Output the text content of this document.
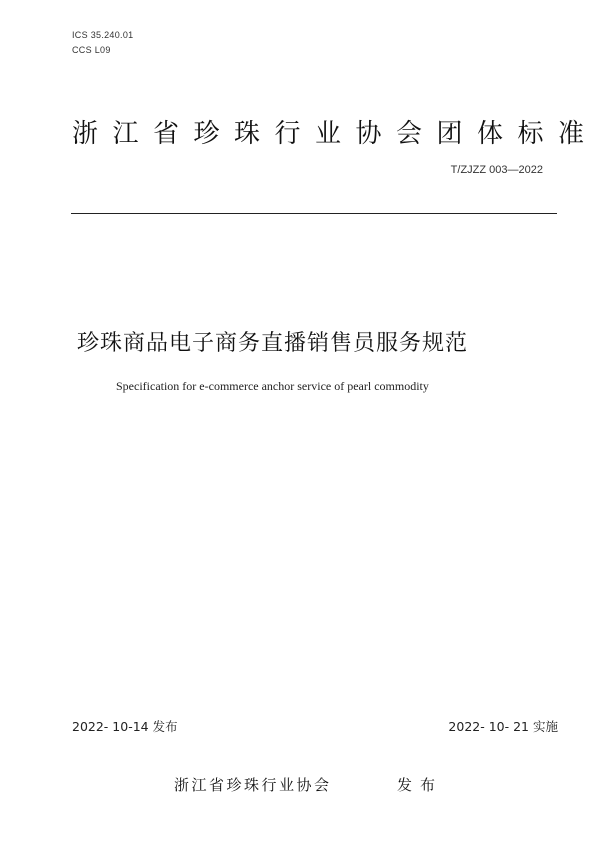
ICS 35.240.01
CCS L09
浙江省珍珠行业协会团体标准
T/ZJZZ 003—2022
珍珠商品电子商务直播销售员服务规范
Specification for e-commerce anchor service of pearl commodity
2022- 10-14 发布	2022- 10- 21 实施
浙江省珍珠行业协会	发布
